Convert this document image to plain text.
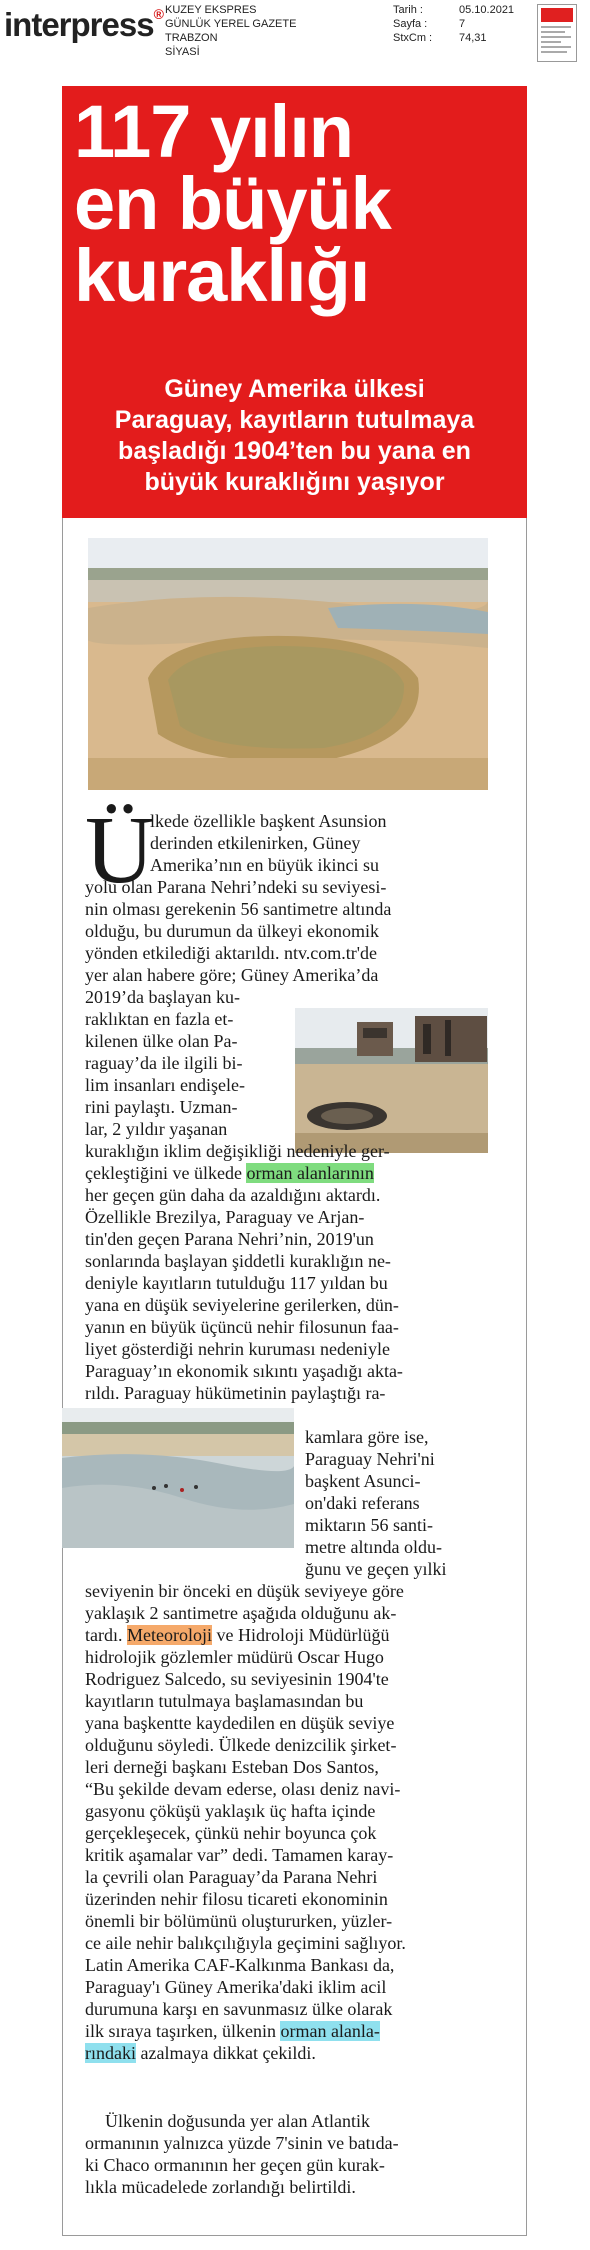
interpress® KUZEY EKSPRES
GÜNLÜK YEREL GAZETE
TRABZON
SİYASİ
Tarih :	05.10.2021
Sayfa :	7
StxCm :	74,31
117 yılın
en büyük
kuraklığı
Güney Amerika ülkesi
Paraguay, kayıtların tutulmaya
başladığı 1904’ten bu yana en
büyük kuraklığını yaşıyor
Ü
lkede özellikle başkent Asunsion
derinden etkilenirken, Güney
Amerika’nın en büyük ikinci su
yolu olan Parana Nehri’ndeki su seviyesi-
nin olması gerekenin 56 santimetre altında
olduğu, bu durumun da ülkeyi ekonomik
yönden etkilediği aktarıldı. ntv.com.tr'de
yer alan habere göre; Güney Amerika’da
2019’da başlayan ku-
raklıktan en fazla et-
kilenen ülke olan Pa-
raguay’da ile ilgili bi-
lim insanları endişele-
rini paylaştı. Uzman-
lar, 2 yıldır yaşanan
kuraklığın iklim değişikliği nedeniyle ger-
çekleştiğini ve ülkede orman alanlarının
her geçen gün daha da azaldığını aktardı.
Özellikle Brezilya, Paraguay ve Arjan-
tin'den geçen Parana Nehri’nin, 2019'un
sonlarında başlayan şiddetli kuraklığın ne-
deniyle kayıtların tutulduğu 117 yıldan bu
yana en düşük seviyelerine gerilerken, dün-
yanın en büyük üçüncü nehir filosunun faa-
liyet gösterdiği nehrin kuruması nedeniyle
Paraguay’ın ekonomik sıkıntı yaşadığı akta-
rıldı. Paraguay hükümetinin paylaştığı ra-
kamlara göre ise,
Paraguay Nehri'ni
başkent Asunci-
on'daki referans
miktarın 56 santi-
metre altında oldu-
ğunu ve geçen yılki
seviyenin bir önceki en düşük seviyeye göre
yaklaşık 2 santimetre aşağıda olduğunu ak-
tardı. Meteoroloji ve Hidroloji Müdürlüğü
hidrolojik gözlemler müdürü Oscar Hugo
Rodriguez Salcedo, su seviyesinin 1904'te
kayıtların tutulmaya başlamasından bu
yana başkentte kaydedilen en düşük seviye
olduğunu söyledi. Ülkede denizcilik şirket-
leri derneği başkanı Esteban Dos Santos,
“Bu şekilde devam ederse, olası deniz navi-
gasyonu çöküşü yaklaşık üç hafta içinde
gerçekleşecek, çünkü nehir boyunca çok
kritik aşamalar var” dedi. Tamamen karay-
la çevrili olan Paraguay’da Parana Nehri
üzerinden nehir filosu ticareti ekonominin
önemli bir bölümünü oluştururken, yüzler-
ce aile nehir balıkçılığıyla geçimini sağlıyor.
Latin Amerika CAF-Kalkınma Bankası da,
Paraguay'ı Güney Amerika'daki iklim acil
durumuna karşı en savunmasız ülke olarak
ilk sıraya taşırken, ülkenin orman alanla-
rındaki azalmaya dikkat çekildi.
Ülkenin doğusunda yer alan Atlantik
ormanının yalnızca yüzde 7'sinin ve batıda-
ki Chaco ormanının her geçen gün kurak-
lıkla mücadelede zorlandığı belirtildi.
